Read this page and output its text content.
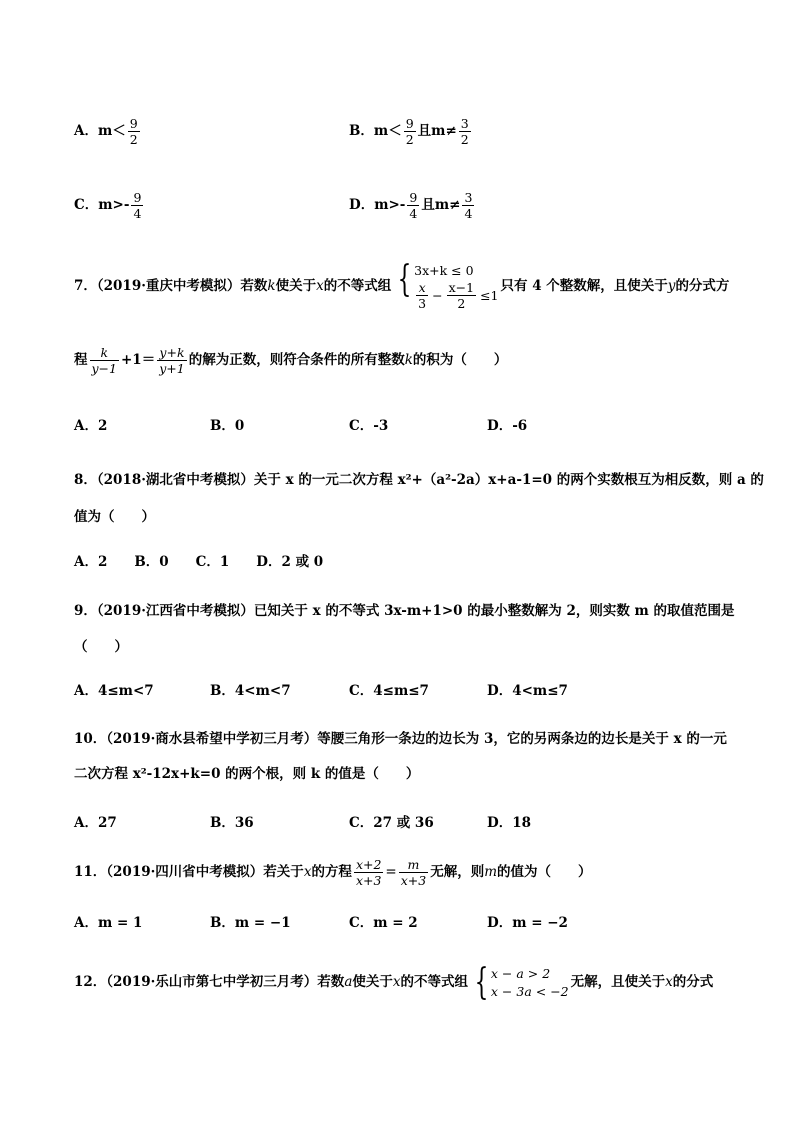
A．$m< \frac{9}{2}$	B．$m< \frac{9}{2}$ 且$m\ne \frac{3}{2}$
C．$m>- \frac{9}{4}$	D．$m>- \frac{9}{4}$ 且$m\ne \frac{3}{4}$
7．（2019·重庆中考模拟）若数k使关于x的不等式组 { 3x+k ≤ 0
$\frac{x}{3} - \frac{x-1}{2} \le 1$
只有 4 个整数解，且使关于y的分式方
程 $\frac{k}{y-1} +1= \frac{y+k}{y+1}$ 的解为正数，则符合条件的所有整数k的积为（　　）
A．2	B．0	C．-3	D．-6
8．（2018·湖北省中考模拟）关于 x 的一元二次方程 x²+（a²-2a）x+a-1=0 的两个实数根互为相反数，则 a 的
值为（　　）
A．2　　B．0　　C．1　　D．2 或 0
9．（2019·江西省中考模拟）已知关于 x 的不等式 3x-m+1>0 的最小整数解为 2，则实数 m 的取值范围是
（　　）
A．4≤m<7	B．4<m<7	C．4≤m≤7	D．4<m≤7
10．（2019·商水县希望中学初三月考）等腰三角形一条边的边长为 3，它的另两条边的边长是关于 x 的一元
二次方程 x²-12x+k=0 的两个根，则 k 的值是（　　）
A．27	B．36	C．27 或 36	D．18
11．（2019·四川省中考模拟）若关于x的方程 $\frac{x+2}{x+3} = \frac{m}{x+3}$ 无解，则m的值为（　　）
A．m = 1	B．m = −1	C．m = 2	D．m = −2
12．（2019·乐山市第七中学初三月考）若数a使关于x的不等式组 { x − a > 2
x − 3a < −2
无解，且使关于x的分式
